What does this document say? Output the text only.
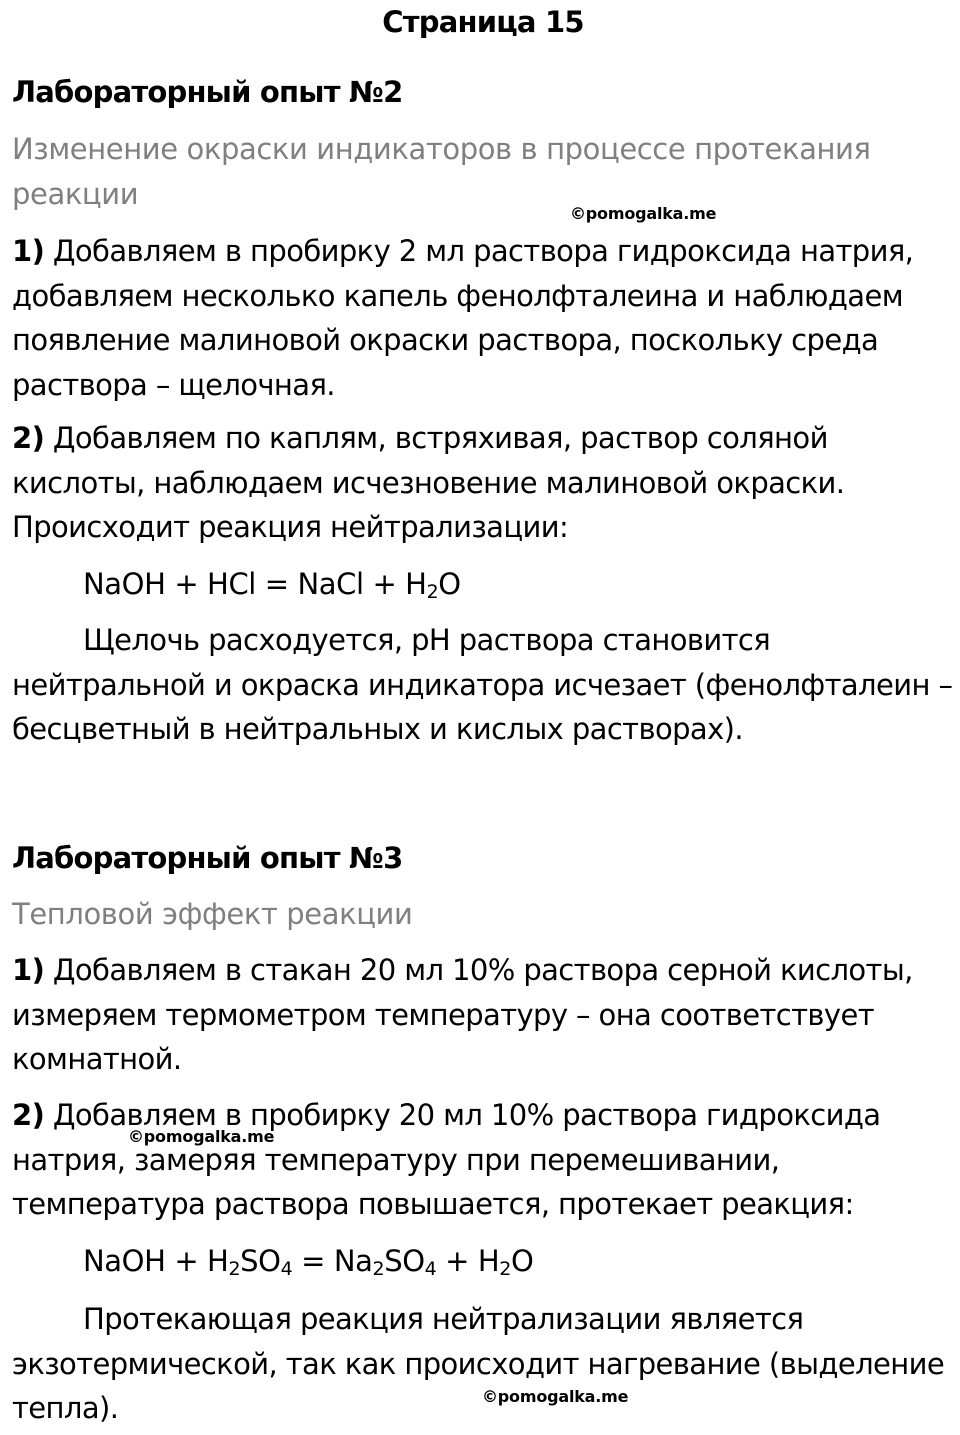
Страница 15
Лабораторный опыт №2
Изменение окраски индикаторов в процессе протекания реакции
©pomogalka.me

1) Добавляем в пробирку 2 мл раствора гидроксида натрия, добавляем несколько капель фенолфталеина и наблюдаем появление малиновой окраски раствора, поскольку среда раствора – щелочная.

2) Добавляем по каплям, встряхивая, раствор соляной кислоты, наблюдаем исчезновение малиновой окраски. Происходит реакция нейтрализации:

NaOH + HCl = NaCl + $H_2O$

Щелочь расходуется, pH раствора становится нейтральной и окраска индикатора исчезает (фенолфталеин – бесцветный в нейтральных и кислых растворах).

Лабораторный опыт №3
Тепловой эффект реакции

1) Добавляем в стакан 20 мл 10% раствора серной кислоты, измеряем термометром температуру – она соответствует комнатной.

2) Добавляем в пробирку 20 мл 10% раствора гидроксида натрия, замеряя температуру при перемешивании, температура раствора повышается, протекает реакция:

©pomogalka.me
NaOH + $H_2SO_4 = Na_2SO_4 + H_2O$

Протекающая реакция нейтрализации является экзотермической, так как происходит нагревание (выделение тепла).	©pomogalka.me
